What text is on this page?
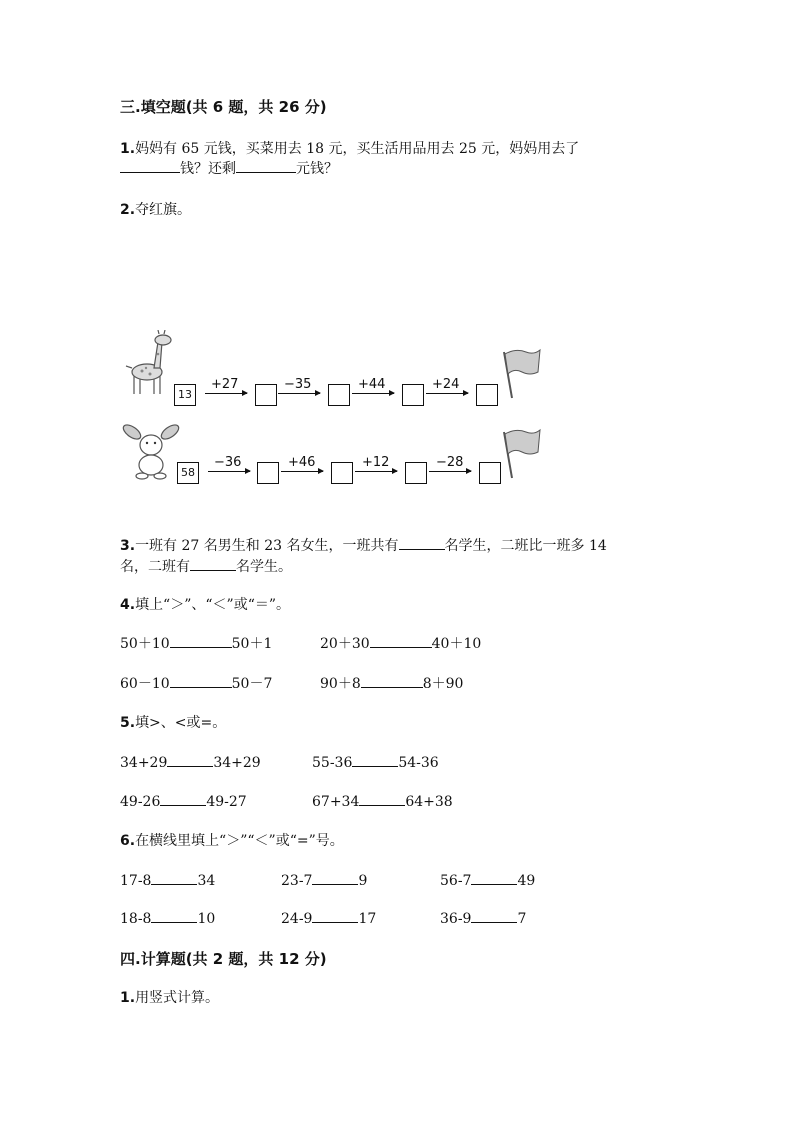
三.填空题(共 6 题，共 26 分)
1.妈妈有 65 元钱，买菜用去 18 元，买生活用品用去 25 元，妈妈用去了
钱？还剩	元钱？
2.夺红旗。
13
+27	−35	+44	+24
58
−36	+46	+12	−28
3.一班有 27 名男生和 23 名女生，一班共有	名学生，二班比一班多 14
名，二班有	名学生。
4.填上“＞”、“＜”或“＝”。
50＋10	50＋1	20＋30	40＋10
60－10	50－7	90＋8	8＋90
5.填>、<或=。
34+29	34+29	55-36	54-36
49-26	49-27	67+34	64+38
6.在横线里填上“＞”“＜”或“=”号。
17-8	34	23-7	9	56-7	49
18-8	10	24-9	17	36-9	7
四.计算题(共 2 题，共 12 分)
1.用竖式计算。
